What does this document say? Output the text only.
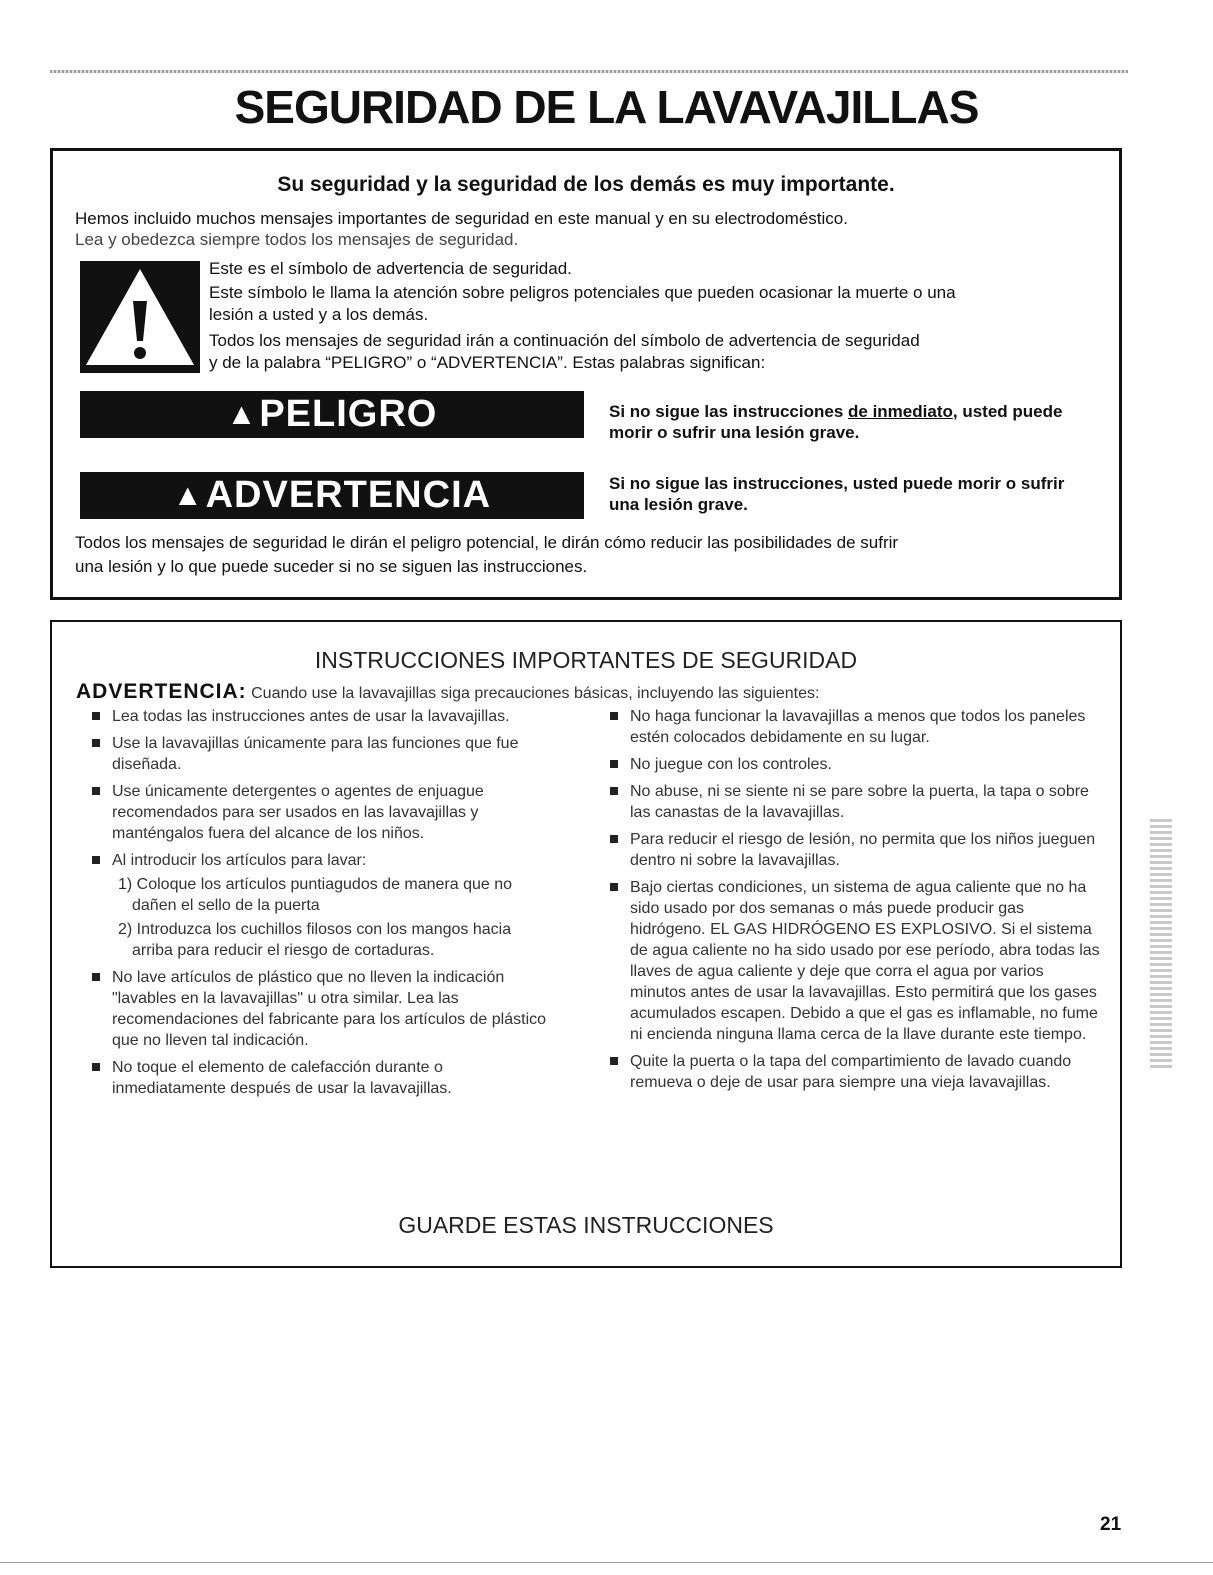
SEGURIDAD DE LA LAVAVAJILLAS
Su seguridad y la seguridad de los demás es muy importante.
Hemos incluido muchos mensajes importantes de seguridad en este manual y en su electrodoméstico.
Lea y obedezca siempre todos los mensajes de seguridad.
Este es el símbolo de advertencia de seguridad.
Este símbolo le llama la atención sobre peligros potenciales que pueden ocasionar la muerte o una
lesión a usted y a los demás.
Todos los mensajes de seguridad irán a continuación del símbolo de advertencia de seguridad
y de la palabra “PELIGRO” o “ADVERTENCIA”. Estas palabras significan:
▲PELIGRO	Si no sigue las instrucciones de inmediato, usted puede morir o sufrir una lesión grave.
▲ADVERTENCIA	Si no sigue las instrucciones, usted puede morir o sufrir una lesión grave.
Todos los mensajes de seguridad le dirán el peligro potencial, le dirán cómo reducir las posibilidades de sufrir
una lesión y lo que puede suceder si no se siguen las instrucciones.
INSTRUCCIONES IMPORTANTES DE SEGURIDAD
ADVERTENCIA: Cuando use la lavavajillas siga precauciones básicas, incluyendo las siguientes:
Lea todas las instrucciones antes de usar la lavavajillas.
Use la lavavajillas únicamente para las funciones que fue diseñada.
Use únicamente detergentes o agentes de enjuague recomendados para ser usados en las lavavajillas y manténgalos fuera del alcance de los niños.
Al introducir los artículos para lavar:
1) Coloque los artículos puntiagudos de manera que no dañen el sello de la puerta
2) Introduzca los cuchillos filosos con los mangos hacia arriba para reducir el riesgo de cortaduras.
No lave artículos de plástico que no lleven la indicación "lavables en la lavavajillas" u otra similar. Lea las recomendaciones del fabricante para los artículos de plástico que no lleven tal indicación.
No toque el elemento de calefacción durante o inmediatamente después de usar la lavavajillas.
No haga funcionar la lavavajillas a menos que todos los paneles estén colocados debidamente en su lugar.
No juegue con los controles.
No abuse, ni se siente ni se pare sobre la puerta, la tapa o sobre las canastas de la lavavajillas.
Para reducir el riesgo de lesión, no permita que los niños jueguen dentro ni sobre la lavavajillas.
Bajo ciertas condiciones, un sistema de agua caliente que no ha sido usado por dos semanas o más puede producir gas hidrógeno. EL GAS HIDRÓGENO ES EXPLOSIVO. Si el sistema de agua caliente no ha sido usado por ese período, abra todas las llaves de agua caliente y deje que corra el agua por varios minutos antes de usar la lavavajillas. Esto permitirá que los gases acumulados escapen. Debido a que el gas es inflamable, no fume ni encienda ninguna llama cerca de la llave durante este tiempo.
Quite la puerta o la tapa del compartimiento de lavado cuando remueva o deje de usar para siempre una vieja lavavajillas.
GUARDE ESTAS INSTRUCCIONES
21
